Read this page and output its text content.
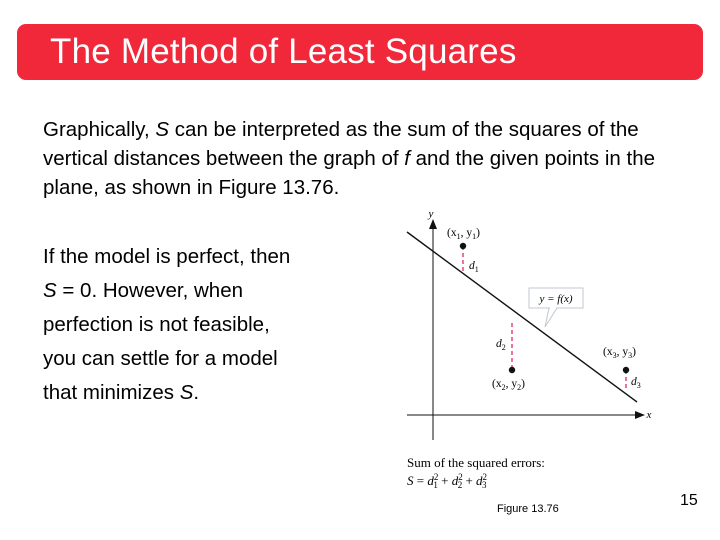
The Method of Least Squares
Graphically, S can be interpreted as the sum of the squares of the vertical distances between the graph of f and the given points in the plane, as shown in Figure 13.76.
If the model is perfect, then
S = 0. However, when
perfection is not feasible,
you can settle for a model
that minimizes S.
y
x
($x_1$, $y_1$)
$d_1$
$d_2$
$d_3$
($x_2$, $y_2$)
($x_3$, $y_3$)
y = f(x)
Sum of the squared errors:
$S = d^2$ $1 + d^2$ $2 + d^2$ 3
Figure 13.76	15
